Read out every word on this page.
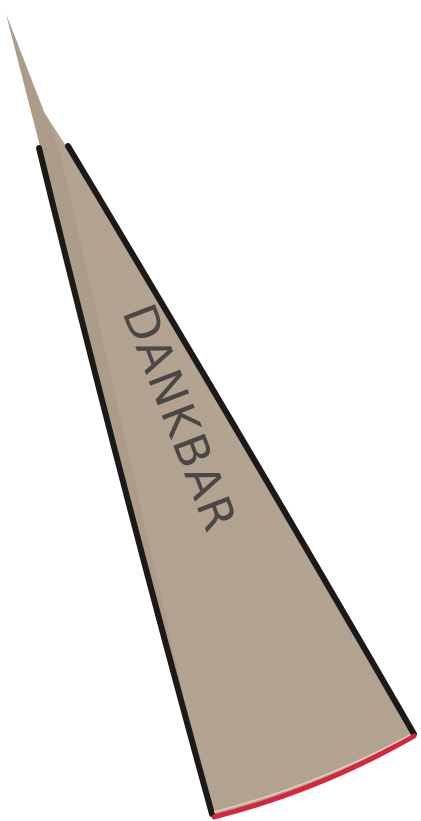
DANKBAR
